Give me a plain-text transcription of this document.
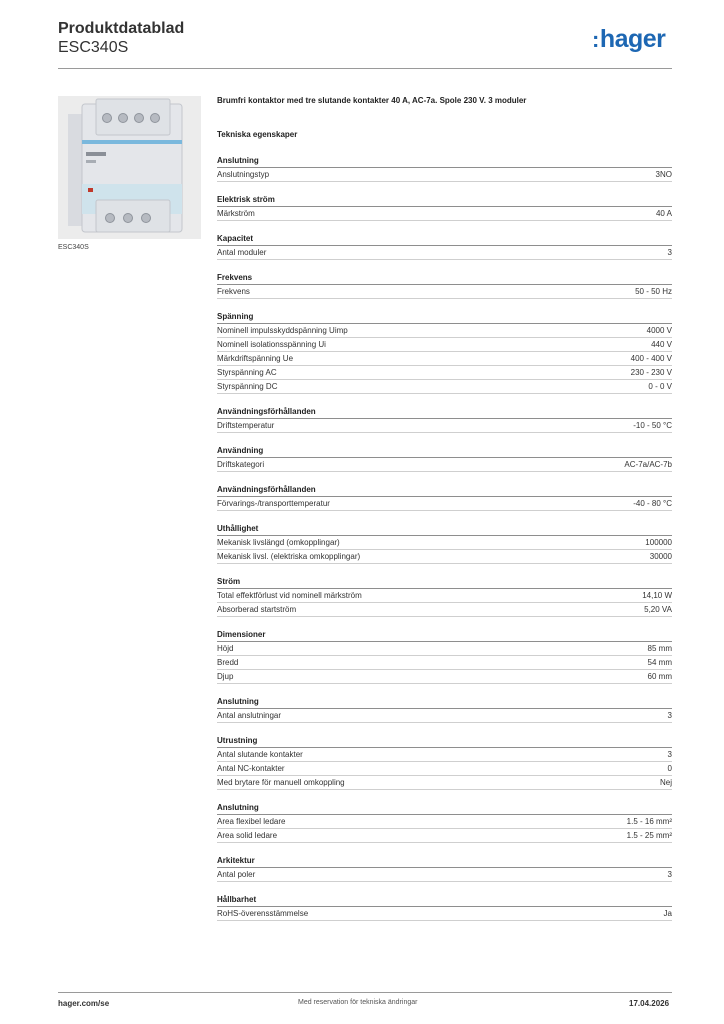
Produktdatablad
ESC340S	:hager
ESC340S
Brumfri kontaktor med tre slutande kontakter 40 A, AC-7a. Spole 230 V. 3 moduler
Tekniska egenskaper
Anslutning
Anslutningstyp	3NO
Elektrisk ström
Märkström	40 A
Kapacitet
Antal moduler	3
Frekvens
Frekvens	50 - 50 Hz
Spänning
Nominell impulsskyddspänning Uimp	4000 V
Nominell isolationsspänning Ui	440 V
Märkdriftspänning Ue	400 - 400 V
Styrspänning AC	230 - 230 V
Styrspänning DC	0 - 0 V
Användningsförhållanden
Driftstemperatur	-10 - 50 °C
Användning
Driftskategori	AC-7a/AC-7b
Användningsförhållanden
Förvarings-/transporttemperatur	-40 - 80 °C
Uthållighet
Mekanisk livslängd (omkopplingar)	100000
Mekanisk livsl. (elektriska omkopplingar)	30000
Ström
Total effektförlust vid nominell märkström	14,10 W
Absorberad startström	5,20 VA
Dimensioner
Höjd	85 mm
Bredd	54 mm
Djup	60 mm
Anslutning
Antal anslutningar	3
Utrustning
Antal slutande kontakter	3
Antal NC-kontakter	0
Med brytare för manuell omkoppling	Nej
Anslutning
Area flexibel ledare	1.5 - 16 mm²
Area solid ledare	1.5 - 25 mm²
Arkitektur
Antal poler	3
Hållbarhet
RoHS-överensstämmelse	Ja
hager.com/se	Med reservation för tekniska ändringar	17.04.2026
